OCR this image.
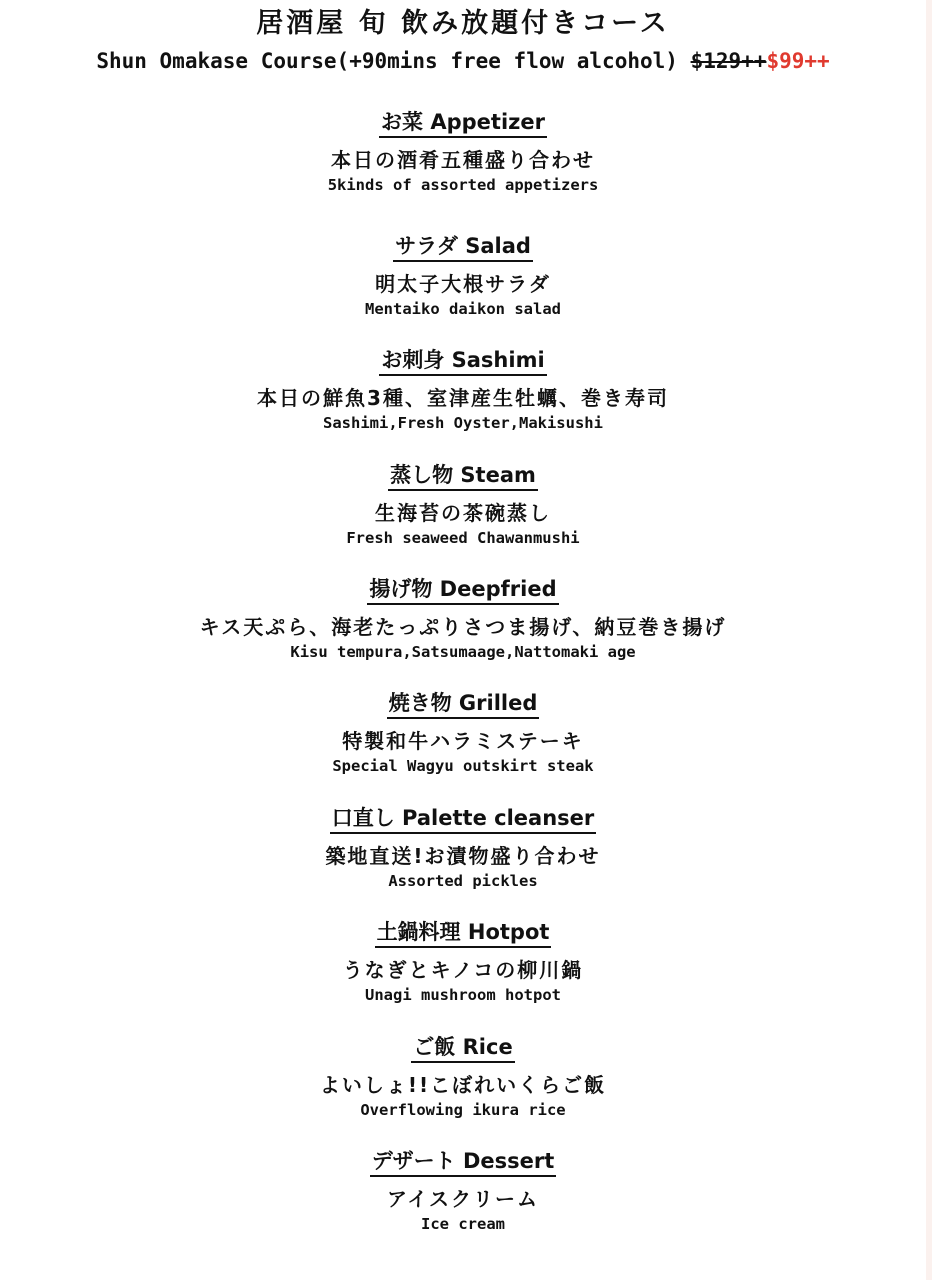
居酒屋 旬 飲み放題付きコース
Shun Omakase Course(+90mins free flow alcohol) $129++$99++
お菜 Appetizer
本日の酒肴五種盛り合わせ
5kinds of assorted appetizers
サラダ Salad
明太子大根サラダ
Mentaiko daikon salad
お刺身 Sashimi
本日の鮮魚3種、室津産生牡蠣、巻き寿司
Sashimi,Fresh Oyster,Makisushi
蒸し物 Steam
生海苔の茶碗蒸し
Fresh seaweed Chawanmushi
揚げ物 Deepfried
キス天ぷら、海老たっぷりさつま揚げ、納豆巻き揚げ
Kisu tempura,Satsumaage,Nattomaki age
焼き物 Grilled
特製和牛ハラミステーキ
Special Wagyu outskirt steak
口直し Palette cleanser
築地直送!お漬物盛り合わせ
Assorted pickles
土鍋料理 Hotpot
うなぎとキノコの柳川鍋
Unagi mushroom hotpot
ご飯 Rice
よいしょ!!こぼれいくらご飯
Overflowing ikura rice
デザート Dessert
アイスクリーム
Ice cream
